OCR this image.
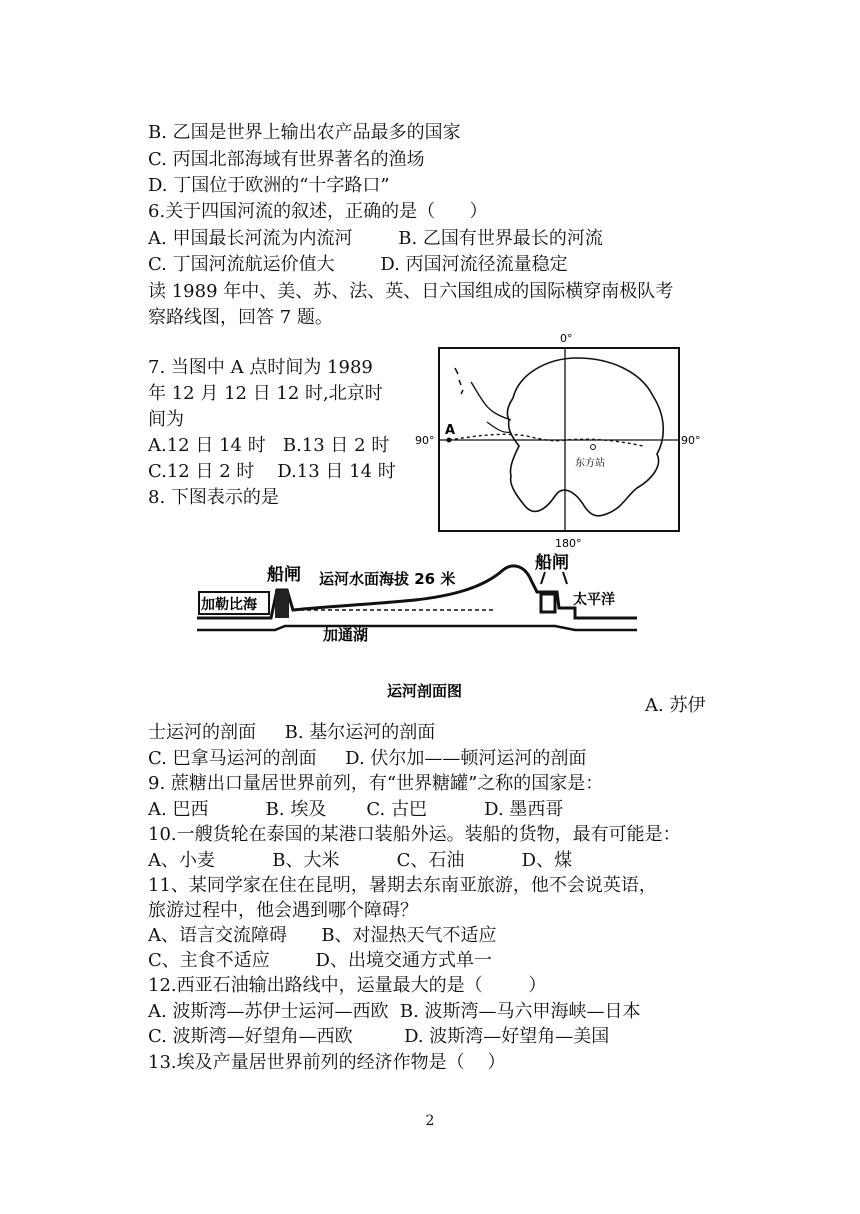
B. 乙国是世界上输出农产品最多的国家
C. 丙国北部海域有世界著名的渔场
D. 丁国位于欧洲的“十字路口”
6.关于四国河流的叙述，正确的是（      ）
A. 甲国最长河流为内流河        B. 乙国有世界最长的河流
C. 丁国河流航运价值大        D. 丙国河流径流量稳定
读 1989 年中、美、苏、法、英、日六国组成的国际横穿南极队考
察路线图，回答 7 题。
7. 当图中 A 点时间为 1989
年 12 月 12 日 12 时,北京时
间为
A.12 日 14 时   B.13 日 2 时
C.12 日 2 时    D.13 日 14 时
8. 下图表示的是
0°
A
东方站
90°	90°
180°
船闸 运河水面海拔 26 米
船闸
加勒比海	太平洋
加通湖
运河剖面图
A. 苏伊
士运河的剖面     B. 基尔运河的剖面
C. 巴拿马运河的剖面     D. 伏尔加——顿河运河的剖面
9. 蔗糖出口量居世界前列，有“世界糖罐”之称的国家是：
A. 巴西          B. 埃及       C. 古巴          D. 墨西哥
10.一艘货轮在泰国的某港口装船外运。装船的货物，最有可能是：
A、小麦          B、大米          C、石油          D、煤
11、某同学家在住在昆明，暑期去东南亚旅游，他不会说英语，
旅游过程中，他会遇到哪个障碍？
A、语言交流障碍      B、对湿热天气不适应
C、主食不适应        D、出境交通方式单一
12.西亚石油输出路线中，运量最大的是（        ）
A. 波斯湾—苏伊士运河—西欧  B. 波斯湾—马六甲海峡—日本
C. 波斯湾—好望角—西欧         D. 波斯湾—好望角—美国
13.埃及产量居世界前列的经济作物是（    ）
2
